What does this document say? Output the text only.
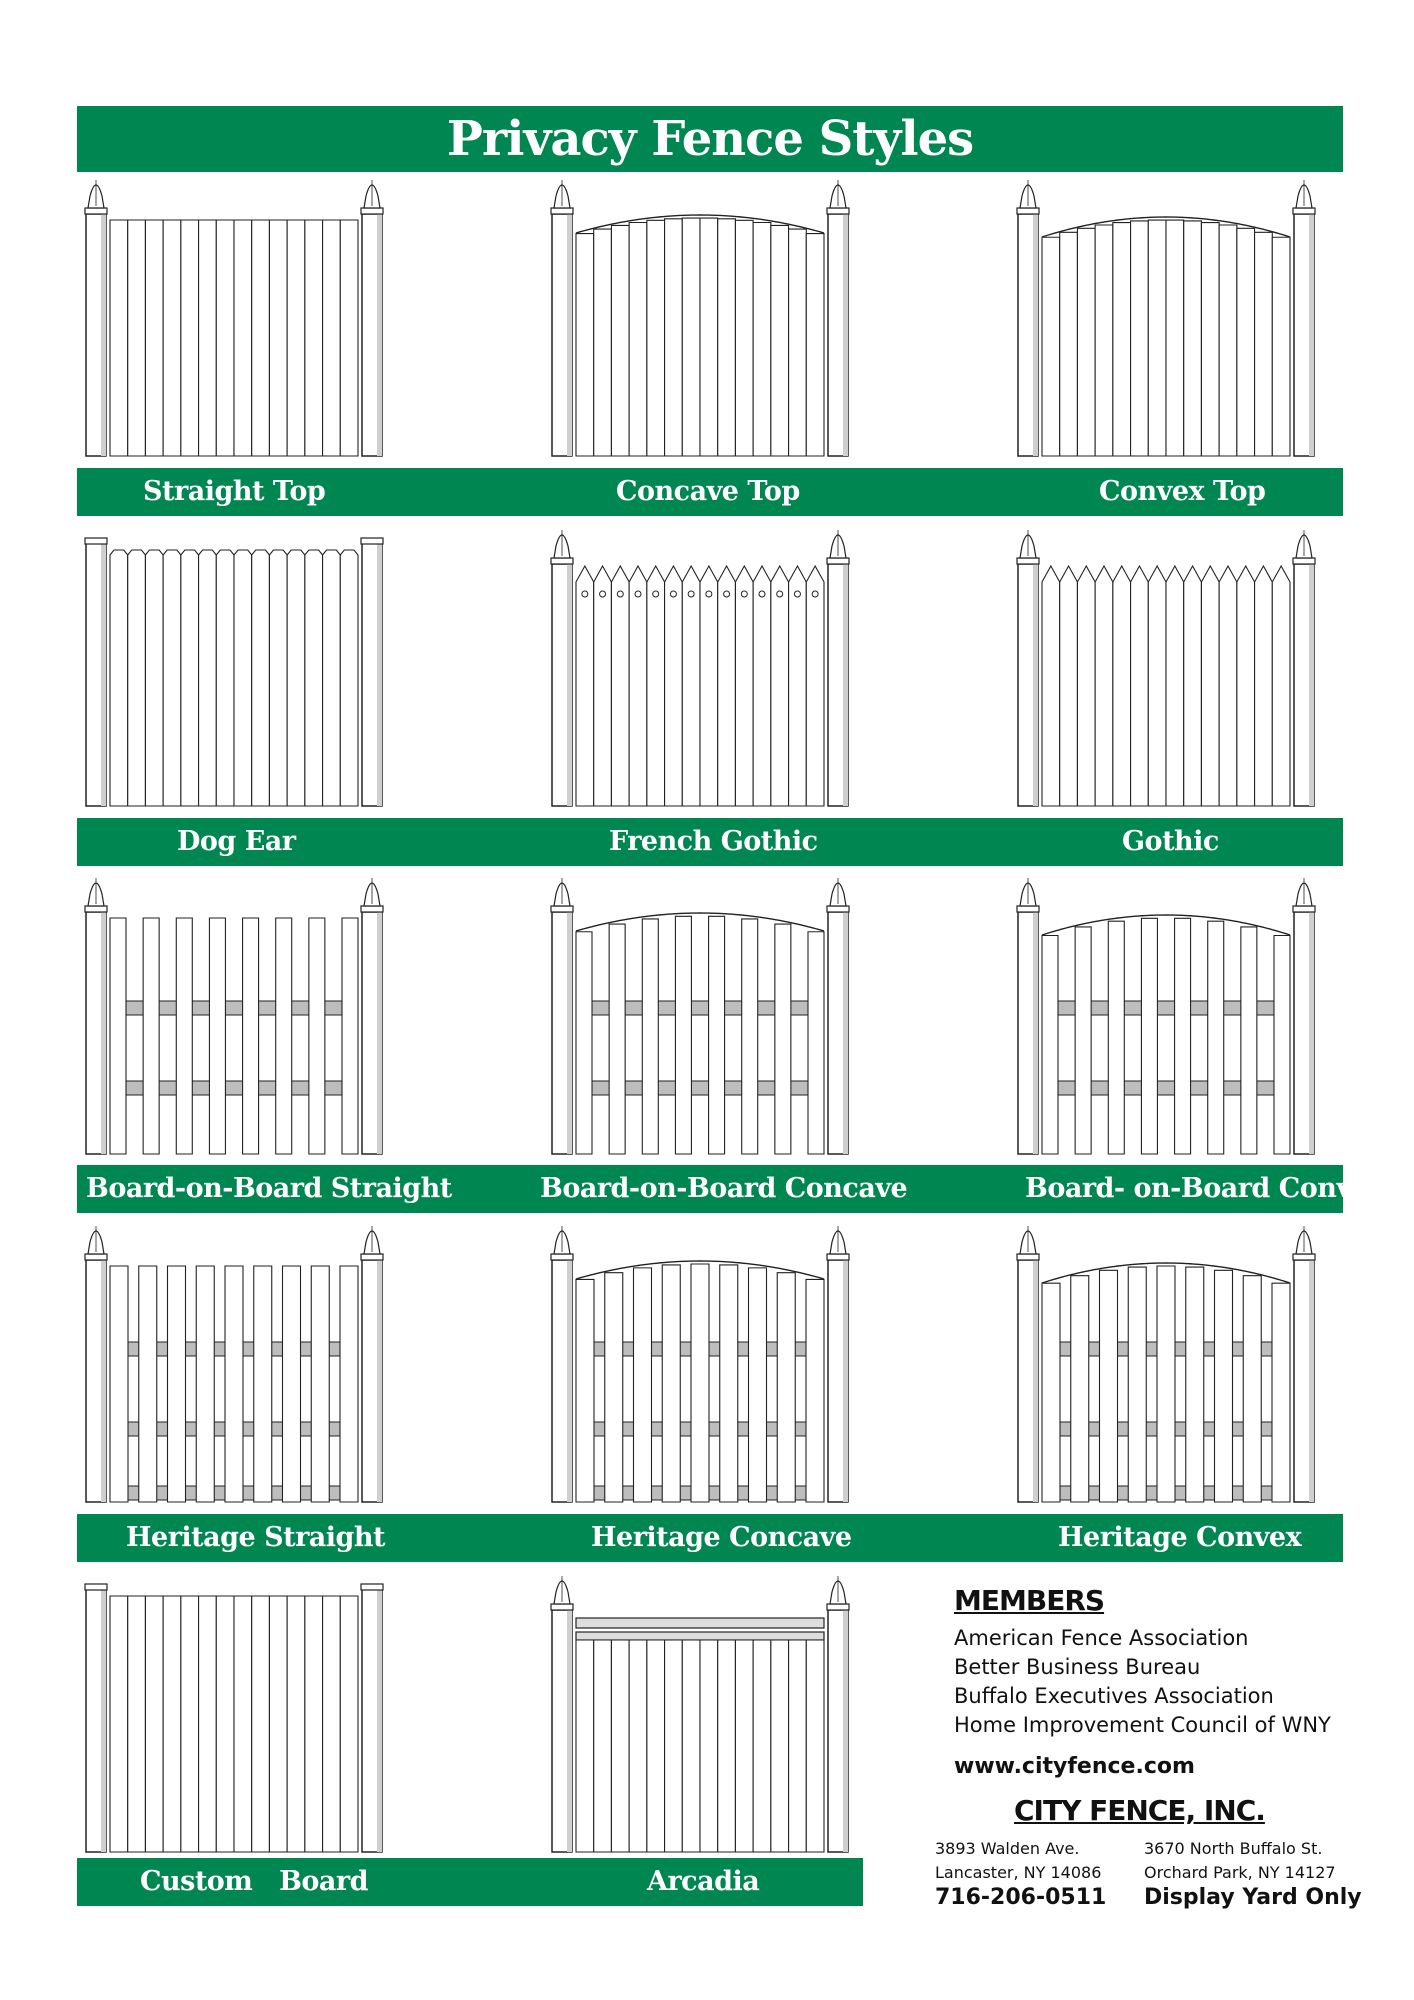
Privacy Fence Styles
Straight Top	Concave Top	Convex Top
Dog Ear	French Gothic	Gothic
Board-on-Board Straight	Board-on-Board Concave	Board- on-Board Convex
Heritage Straight	Heritage Concave	Heritage Convex
Custom   Board	Arcadia
MEMBERS
American Fence Association
Better Business Bureau
Buffalo Executives Association
Home Improvement Council of WNY
www.cityfence.com
CITY FENCE, INC.
3893 Walden Ave.
Lancaster, NY 14086
716-206-0511
3670 North Buffalo St.
Orchard Park, NY 14127
Display Yard Only
